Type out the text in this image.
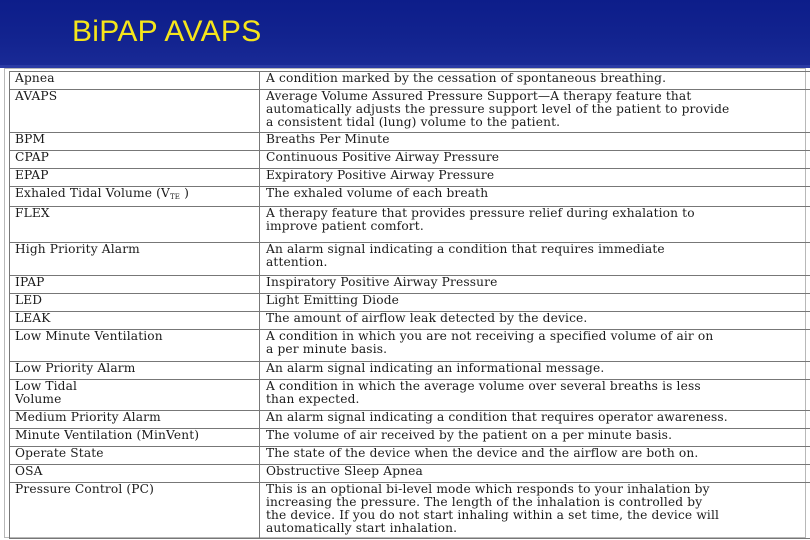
BiPAP AVAPS
Apnea	A condition marked by the cessation of spontaneous breathing.
AVAPS	Average Volume Assured Pressure Support—A therapy feature that
automatically adjusts the pressure support level of the patient to provide
a consistent tidal (lung) volume to the patient.
BPM	Breaths Per Minute
CPAP	Continuous Positive Airway Pressure
EPAP	Expiratory Positive Airway Pressure
Exhaled Tidal Volume ($V_{TE}$ )	The exhaled volume of each breath
FLEX	A therapy feature that provides pressure relief during exhalation to
improve patient comfort.
High Priority Alarm	An alarm signal indicating a condition that requires immediate
attention.
IPAP	Inspiratory Positive Airway Pressure
LED	Light Emitting Diode
LEAK	The amount of airflow leak detected by the device.
Low Minute Ventilation	A condition in which you are not receiving a specified volume of air on
a per minute basis.
Low Priority Alarm	An alarm signal indicating an informational message.
Low Tidal
Volume	A condition in which the average volume over several breaths is less
than expected.
Medium Priority Alarm	An alarm signal indicating a condition that requires operator awareness.
Minute Ventilation (MinVent)	The volume of air received by the patient on a per minute basis.
Operate State	The state of the device when the device and the airflow are both on.
OSA	Obstructive Sleep Apnea
Pressure Control (PC)	This is an optional bi-level mode which responds to your inhalation by
increasing the pressure. The length of the inhalation is controlled by
the device. If you do not start inhaling within a set time, the device will
automatically start inhalation.
